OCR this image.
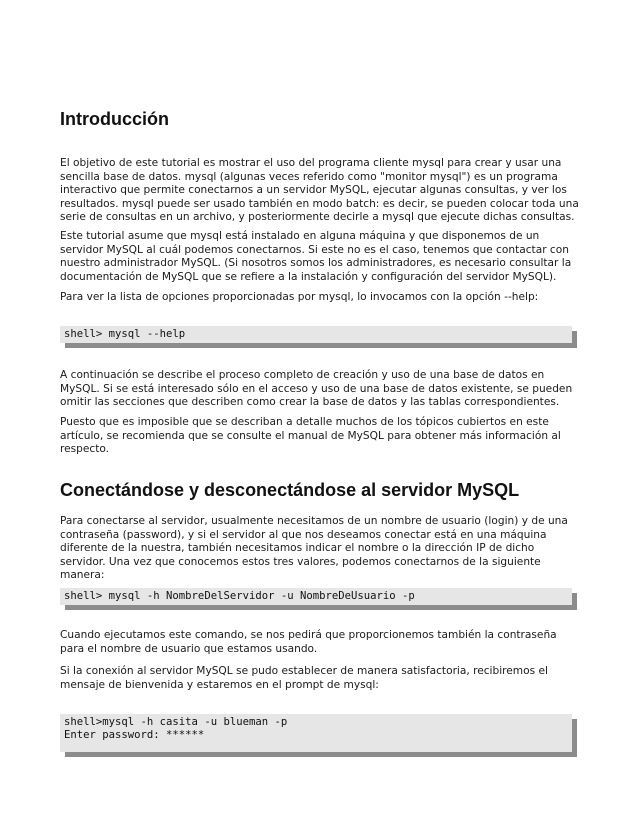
Introducción

El objetivo de este tutorial es mostrar el uso del programa cliente mysql para crear y usar una sencilla base de datos. mysql (algunas veces referido como "monitor mysql") es un programa interactivo que permite conectarnos a un servidor MySQL, ejecutar algunas consultas, y ver los resultados. mysql puede ser usado también en modo batch: es decir, se pueden colocar toda una serie de consultas en un archivo, y posteriormente decirle a mysql que ejecute dichas consultas.

Este tutorial asume que mysql está instalado en alguna máquina y que disponemos de un servidor MySQL al cuál podemos conectarnos. Si este no es el caso, tenemos que contactar con nuestro administrador MySQL. (Si nosotros somos los administradores, es necesario consultar la documentación de MySQL que se refiere a la instalación y configuración del servidor MySQL).

Para ver la lista de opciones proporcionadas por mysql, lo invocamos con la opción --help:

shell> mysql --help

A continuación se describe el proceso completo de creación y uso de una base de datos en MySQL. Si se está interesado sólo en el acceso y uso de una base de datos existente, se pueden omitir las secciones que describen como crear la base de datos y las tablas correspondientes.

Puesto que es imposible que se describan a detalle muchos de los tópicos cubiertos en este artículo, se recomienda que se consulte el manual de MySQL para obtener más información al respecto.

Conectándose y desconectándose al servidor MySQL

Para conectarse al servidor, usualmente necesitamos de un nombre de usuario (login) y de una contraseña (password), y si el servidor al que nos deseamos conectar está en una máquina diferente de la nuestra, también necesitamos indicar el nombre o la dirección IP de dicho servidor. Una vez que conocemos estos tres valores, podemos conectarnos de la siguiente manera:

shell> mysql -h NombreDelServidor -u NombreDeUsuario -p

Cuando ejecutamos este comando, se nos pedirá que proporcionemos también la contraseña para el nombre de usuario que estamos usando.

Si la conexión al servidor MySQL se pudo establecer de manera satisfactoria, recibiremos el mensaje de bienvenida y estaremos en el prompt de mysql:

shell>mysql -h casita -u blueman -p
Enter password: ******
